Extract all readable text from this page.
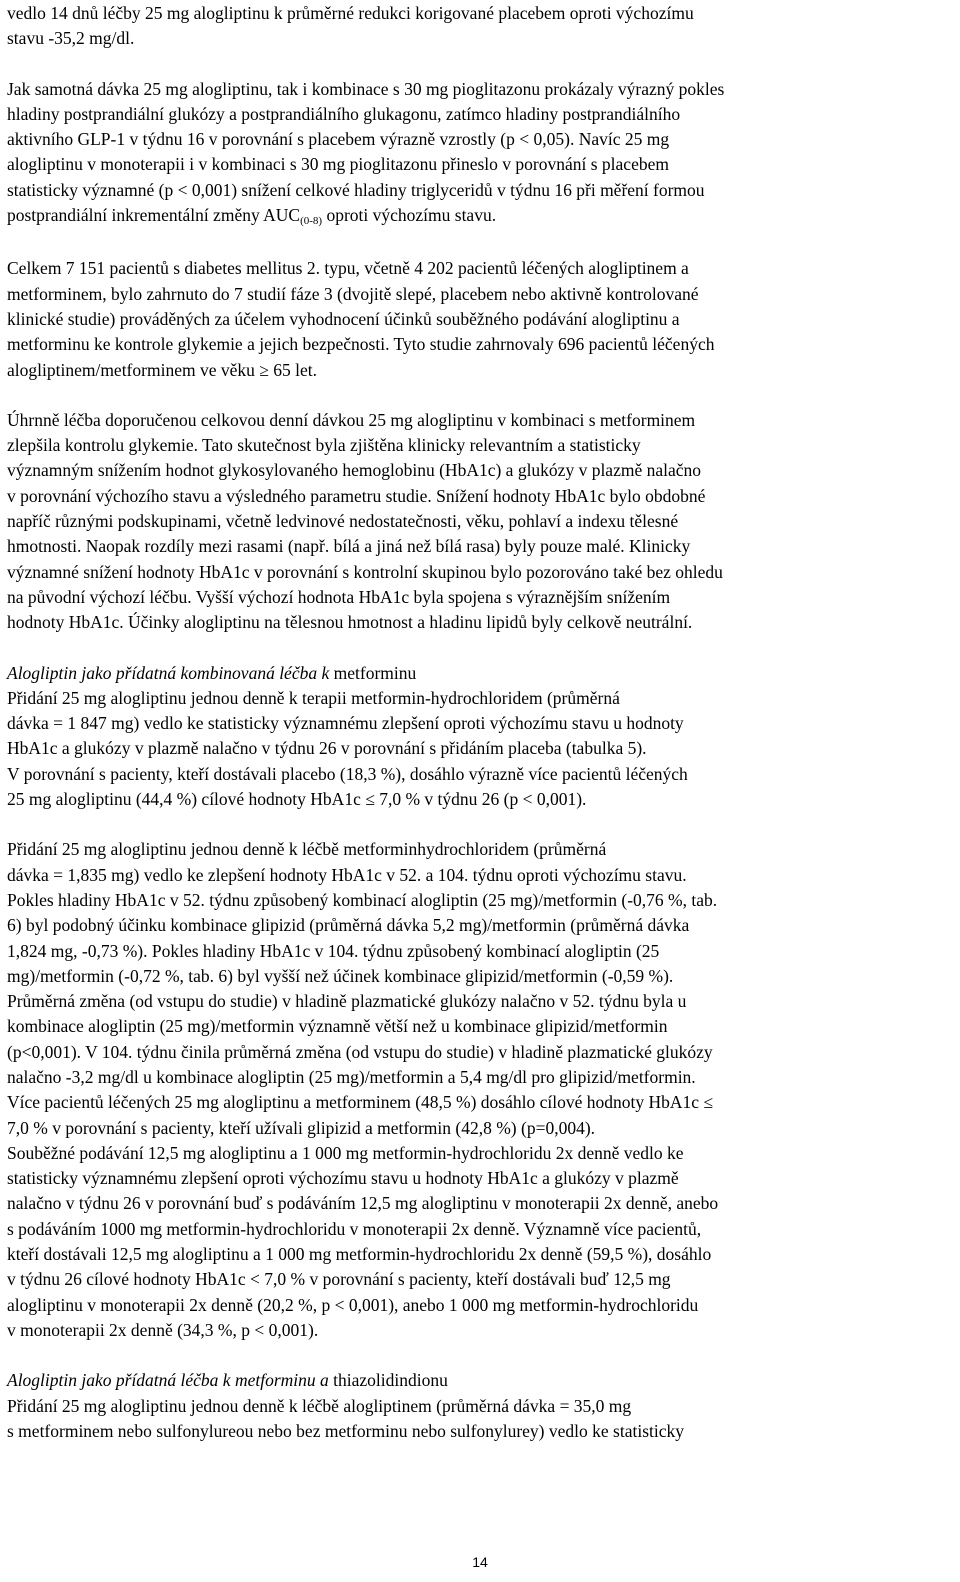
vedlo 14 dnů léčby 25 mg alogliptinu k průměrné redukci korigované placebem oproti výchozímu
stavu -35,2 mg/dl.

Jak samotná dávka 25 mg alogliptinu, tak i kombinace s 30 mg pioglitazonu prokázaly výrazný pokles
hladiny postprandiální glukózy a postprandiálního glukagonu, zatímco hladiny postprandiálního
aktivního GLP-1 v týdnu 16 v porovnání s placebem výrazně vzrostly (p < 0,05). Navíc 25 mg
alogliptinu v monoterapii i v kombinaci s 30 mg pioglitazonu přineslo v porovnání s placebem
statisticky významné (p < 0,001) snížení celkové hladiny triglyceridů v týdnu 16 při měření formou
postprandiální inkrementální změny $AUC_{(0-8)}$ oproti výchozímu stavu.

Celkem 7 151 pacientů s diabetes mellitus 2. typu, včetně 4 202 pacientů léčených alogliptinem a
metforminem, bylo zahrnuto do 7 studií fáze 3 (dvojitě slepé, placebem nebo aktivně kontrolované
klinické studie) prováděných za účelem vyhodnocení účinků souběžného podávání alogliptinu a
metforminu ke kontrole glykemie a jejich bezpečnosti. Tyto studie zahrnovaly 696 pacientů léčených
alogliptinem/metforminem ve věku ≥ 65 let.

Úhrnně léčba doporučenou celkovou denní dávkou 25 mg alogliptinu v kombinaci s metforminem
zlepšila kontrolu glykemie. Tato skutečnost byla zjištěna klinicky relevantním a statisticky
významným snížením hodnot glykosylovaného hemoglobinu (HbA1c) a glukózy v plazmě nalačno
v porovnání výchozího stavu a výsledného parametru studie. Snížení hodnoty HbA1c bylo obdobné
napříč různými podskupinami, včetně ledvinové nedostatečnosti, věku, pohlaví a indexu tělesné
hmotnosti. Naopak rozdíly mezi rasami (např. bílá a jiná než bílá rasa) byly pouze malé. Klinicky
významné snížení hodnoty HbA1c v porovnání s kontrolní skupinou bylo pozorováno také bez ohledu
na původní výchozí léčbu. Vyšší výchozí hodnota HbA1c byla spojena s výraznějším snížením
hodnoty HbA1c. Účinky alogliptinu na tělesnou hmotnost a hladinu lipidů byly celkově neutrální.

Alogliptin jako přídatná kombinovaná léčba k metforminu

Přidání 25 mg alogliptinu jednou denně k terapii metformin-hydrochloridem (průměrná
dávka = 1 847 mg) vedlo ke statisticky významnému zlepšení oproti výchozímu stavu u hodnoty
HbA1c a glukózy v plazmě nalačno v týdnu 26 v porovnání s přidáním placeba (tabulka 5).
V porovnání s pacienty, kteří dostávali placebo (18,3 %), dosáhlo výrazně více pacientů léčených
25 mg alogliptinu (44,4 %) cílové hodnoty HbA1c ≤ 7,0 % v týdnu 26 (p < 0,001).

Přidání 25 mg alogliptinu jednou denně k léčbě metforminhydrochloridem (průměrná
dávka = 1,835 mg) vedlo ke zlepšení hodnoty HbA1c v 52. a 104. týdnu oproti výchozímu stavu.
Pokles hladiny HbA1c v 52. týdnu způsobený kombinací alogliptin (25 mg)/metformin (-0,76 %, tab.
6) byl podobný účinku kombinace glipizid (průměrná dávka 5,2 mg)/metformin (průměrná dávka
1,824 mg, -0,73 %). Pokles hladiny HbA1c v 104. týdnu způsobený kombinací alogliptin (25
mg)/metformin (-0,72 %, tab. 6) byl vyšší než účinek kombinace glipizid/metformin (-0,59 %).
Průměrná změna (od vstupu do studie) v hladině plazmatické glukózy nalačno v 52. týdnu byla u
kombinace alogliptin (25 mg)/metformin významně větší než u kombinace glipizid/metformin
(p<0,001). V 104. týdnu činila průměrná změna (od vstupu do studie) v hladině plazmatické glukózy
nalačno -3,2 mg/dl u kombinace alogliptin (25 mg)/metformin a 5,4 mg/dl pro glipizid/metformin.
Více pacientů léčených 25 mg alogliptinu a metforminem (48,5 %) dosáhlo cílové hodnoty HbA1c ≤
7,0 % v porovnání s pacienty, kteří užívali glipizid a metformin (42,8 %) (p=0,004).
Souběžné podávání 12,5 mg alogliptinu a 1 000 mg metformin-hydrochloridu 2x denně vedlo ke
statisticky významnému zlepšení oproti výchozímu stavu u hodnoty HbA1c a glukózy v plazmě
nalačno v týdnu 26 v porovnání buď s podáváním 12,5 mg alogliptinu v monoterapii 2x denně, anebo
s podáváním 1000 mg metformin-hydrochloridu v monoterapii 2x denně. Významně více pacientů,
kteří dostávali 12,5 mg alogliptinu a 1 000 mg metformin-hydrochloridu 2x denně (59,5 %), dosáhlo
v týdnu 26 cílové hodnoty HbA1c < 7,0 % v porovnání s pacienty, kteří dostávali buď 12,5 mg
alogliptinu v monoterapii 2x denně (20,2 %, p < 0,001), anebo 1 000 mg metformin-hydrochloridu
v monoterapii 2x denně (34,3 %, p < 0,001).

Alogliptin jako přídatná léčba k metforminu a thiazolidindionu

Přidání 25 mg alogliptinu jednou denně k léčbě alogliptinem (průměrná dávka = 35,0 mg
s metforminem nebo sulfonylureou nebo bez metforminu nebo sulfonylurey) vedlo ke statisticky

14
